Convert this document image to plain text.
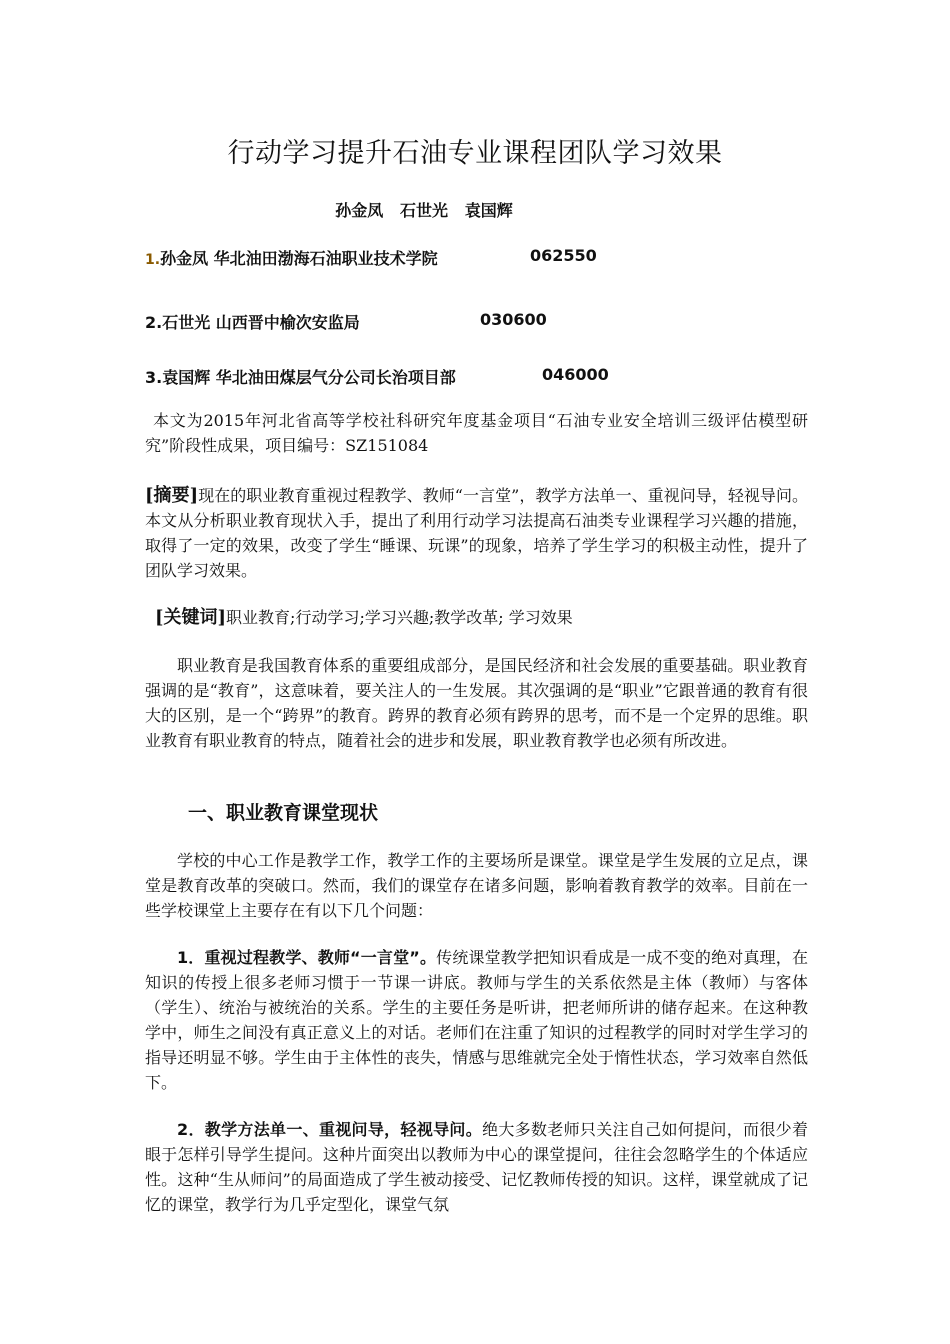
行动学习提升石油专业课程团队学习效果
孙金凤   石世光   袁国辉
1.孙金凤 华北油田渤海石油职业技术学院	062550
2.石世光 山西晋中榆次安监局	030600
3.袁国辉 华北油田煤层气分公司长治项目部	046000
本文为2015年河北省高等学校社科研究年度基金项目“石油专业安全培训三级评估模型研究”阶段性成果，项目编号：SZ151084
[摘要]现在的职业教育重视过程教学、教师“一言堂”，教学方法单一、重视问导，轻视导问。本文从分析职业教育现状入手，提出了利用行动学习法提高石油类专业课程学习兴趣的措施，取得了一定的效果，改变了学生“睡课、玩课”的现象，培养了学生学习的积极主动性，提升了团队学习效果。
[关键词]职业教育;行动学习;学习兴趣;教学改革; 学习效果
职业教育是我国教育体系的重要组成部分，是国民经济和社会发展的重要基础。职业教育强调的是“教育”，这意味着，要关注人的一生发展。其次强调的是“职业”它跟普通的教育有很大的区别，是一个“跨界”的教育。跨界的教育必须有跨界的思考，而不是一个定界的思维。职业教育有职业教育的特点，随着社会的进步和发展，职业教育教学也必须有所改进。
一、职业教育课堂现状
学校的中心工作是教学工作，教学工作的主要场所是课堂。课堂是学生发展的立足点，课堂是教育改革的突破口。然而，我们的课堂存在诸多问题，影响着教育教学的效率。目前在一些学校课堂上主要存在有以下几个问题：
1．重视过程教学、教师“一言堂”。传统课堂教学把知识看成是一成不变的绝对真理，在知识的传授上很多老师习惯于一节课一讲底。教师与学生的关系依然是主体（教师）与客体（学生）、统治与被统治的关系。学生的主要任务是听讲，把老师所讲的储存起来。在这种教学中，师生之间没有真正意义上的对话。老师们在注重了知识的过程教学的同时对学生学习的指导还明显不够。学生由于主体性的丧失，情感与思维就完全处于惰性状态，学习效率自然低下。
2．教学方法单一、重视问导，轻视导问。绝大多数老师只关注自己如何提问，而很少着眼于怎样引导学生提问。这种片面突出以教师为中心的课堂提问，往往会忽略学生的个体适应性。这种“生从师问”的局面造成了学生被动接受、记忆教师传授的知识。这样，课堂就成了记忆的课堂，教学行为几乎定型化，课堂气氛
